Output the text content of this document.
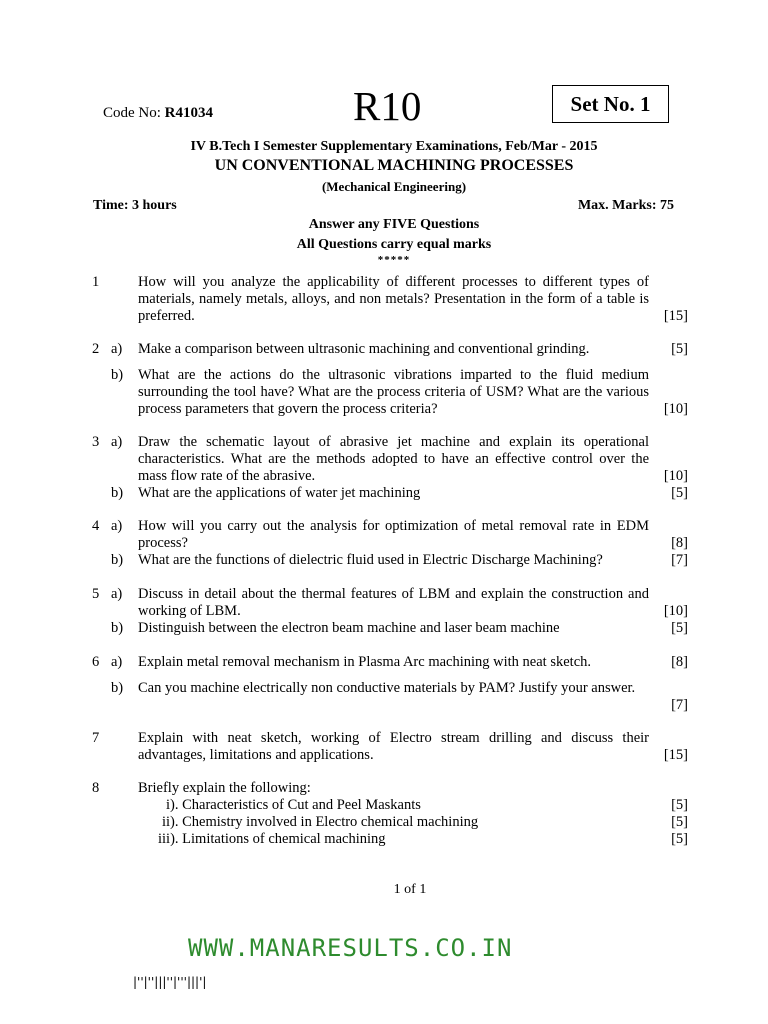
Code No: R41034	R10	Set No. 1
IV B.Tech I Semester Supplementary Examinations, Feb/Mar - 2015
UN CONVENTIONAL MACHINING PROCESSES
(Mechanical Engineering)
Time: 3 hours	Max. Marks: 75
Answer any FIVE Questions
All Questions carry equal marks
*****
1	How will you analyze the applicability of different processes to different types of materials, namely metals, alloys, and non metals? Presentation in the form of a table is preferred.	[15]
2 a) Make a comparison between ultrasonic machining and conventional grinding.	[5]
b) What are the actions do the ultrasonic vibrations imparted to the fluid medium surrounding the tool have? What are the process criteria of USM? What are the various process parameters that govern the process criteria?	[10]
3 a) Draw the schematic layout of abrasive jet machine and explain its operational characteristics. What are the methods adopted to have an effective control over the mass flow rate of the abrasive.	[10]
b) What are the applications of water jet machining	[5]
4 a) How will you carry out the analysis for optimization of metal removal rate in EDM process?	[8]
b) What are the functions of dielectric fluid used in Electric Discharge Machining?	[7]
5 a) Discuss in detail about the thermal features of LBM and explain the construction and working of LBM.	[10]
b) Distinguish between the electron beam machine and laser beam machine	[5]
6 a) Explain metal removal mechanism in Plasma Arc machining with neat sketch.	[8]
b) Can you machine electrically non conductive materials by PAM? Justify your answer.
[7]
7	Explain with neat sketch, working of Electro stream drilling and discuss their advantages, limitations and applications.	[15]
8	Briefly explain the following:
i). Characteristics of Cut and Peel Maskants	[5]
ii). Chemistry involved in Electro chemical machining	[5]
iii). Limitations of chemical machining	[5]
1 of 1
WWW.MANARESULTS.CO.IN
|''|''|||''|'''|||'|
